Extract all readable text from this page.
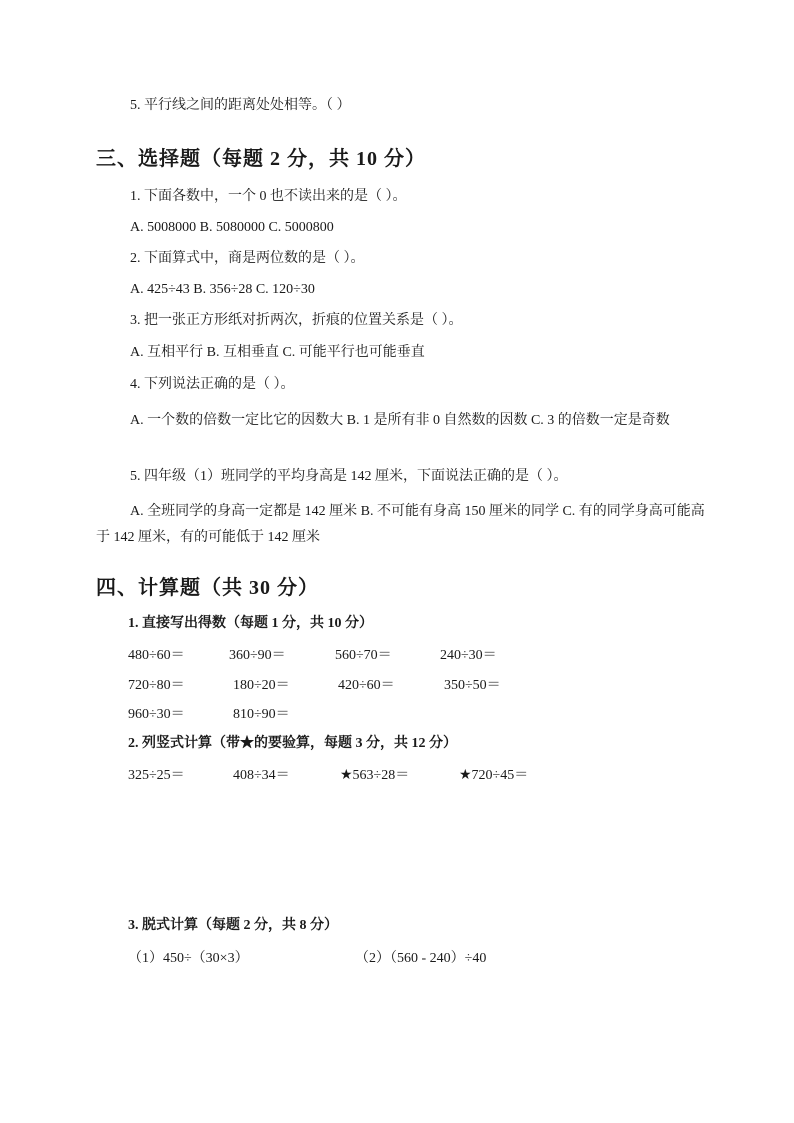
5. 平行线之间的距离处处相等。（ ）
三、选择题（每题 2 分，共 10 分）
1. 下面各数中，一个 0 也不读出来的是（ ）。
A. 5008000 B. 5080000 C. 5000800
2. 下面算式中，商是两位数的是（ ）。
A. 425÷43 B. 356÷28 C. 120÷30
3. 把一张正方形纸对折两次，折痕的位置关系是（ ）。
A. 互相平行 B. 互相垂直 C. 可能平行也可能垂直
4. 下列说法正确的是（ ）。
A. 一个数的倍数一定比它的因数大 B. 1 是所有非 0 自然数的因数 C. 3 的倍数一定是奇数
5. 四年级（1）班同学的平均身高是 142 厘米，下面说法正确的是（ ）。
A. 全班同学的身高一定都是 142 厘米 B. 不可能有身高 150 厘米的同学 C. 有的同学身高可能高于 142 厘米，有的可能低于 142 厘米
四、计算题（共 30 分）
1. 直接写出得数（每题 1 分，共 10 分）
480÷60＝	360÷90＝	560÷70＝	240÷30＝
720÷80＝	180÷20＝	420÷60＝	350÷50＝
960÷30＝	810÷90＝
2. 列竖式计算（带★的要验算，每题 3 分，共 12 分）
325÷25＝	408÷34＝	★563÷28＝	★720÷45＝
3. 脱式计算（每题 2 分，共 8 分）
（1）450÷（30×3）	（2）（560 - 240）÷40
